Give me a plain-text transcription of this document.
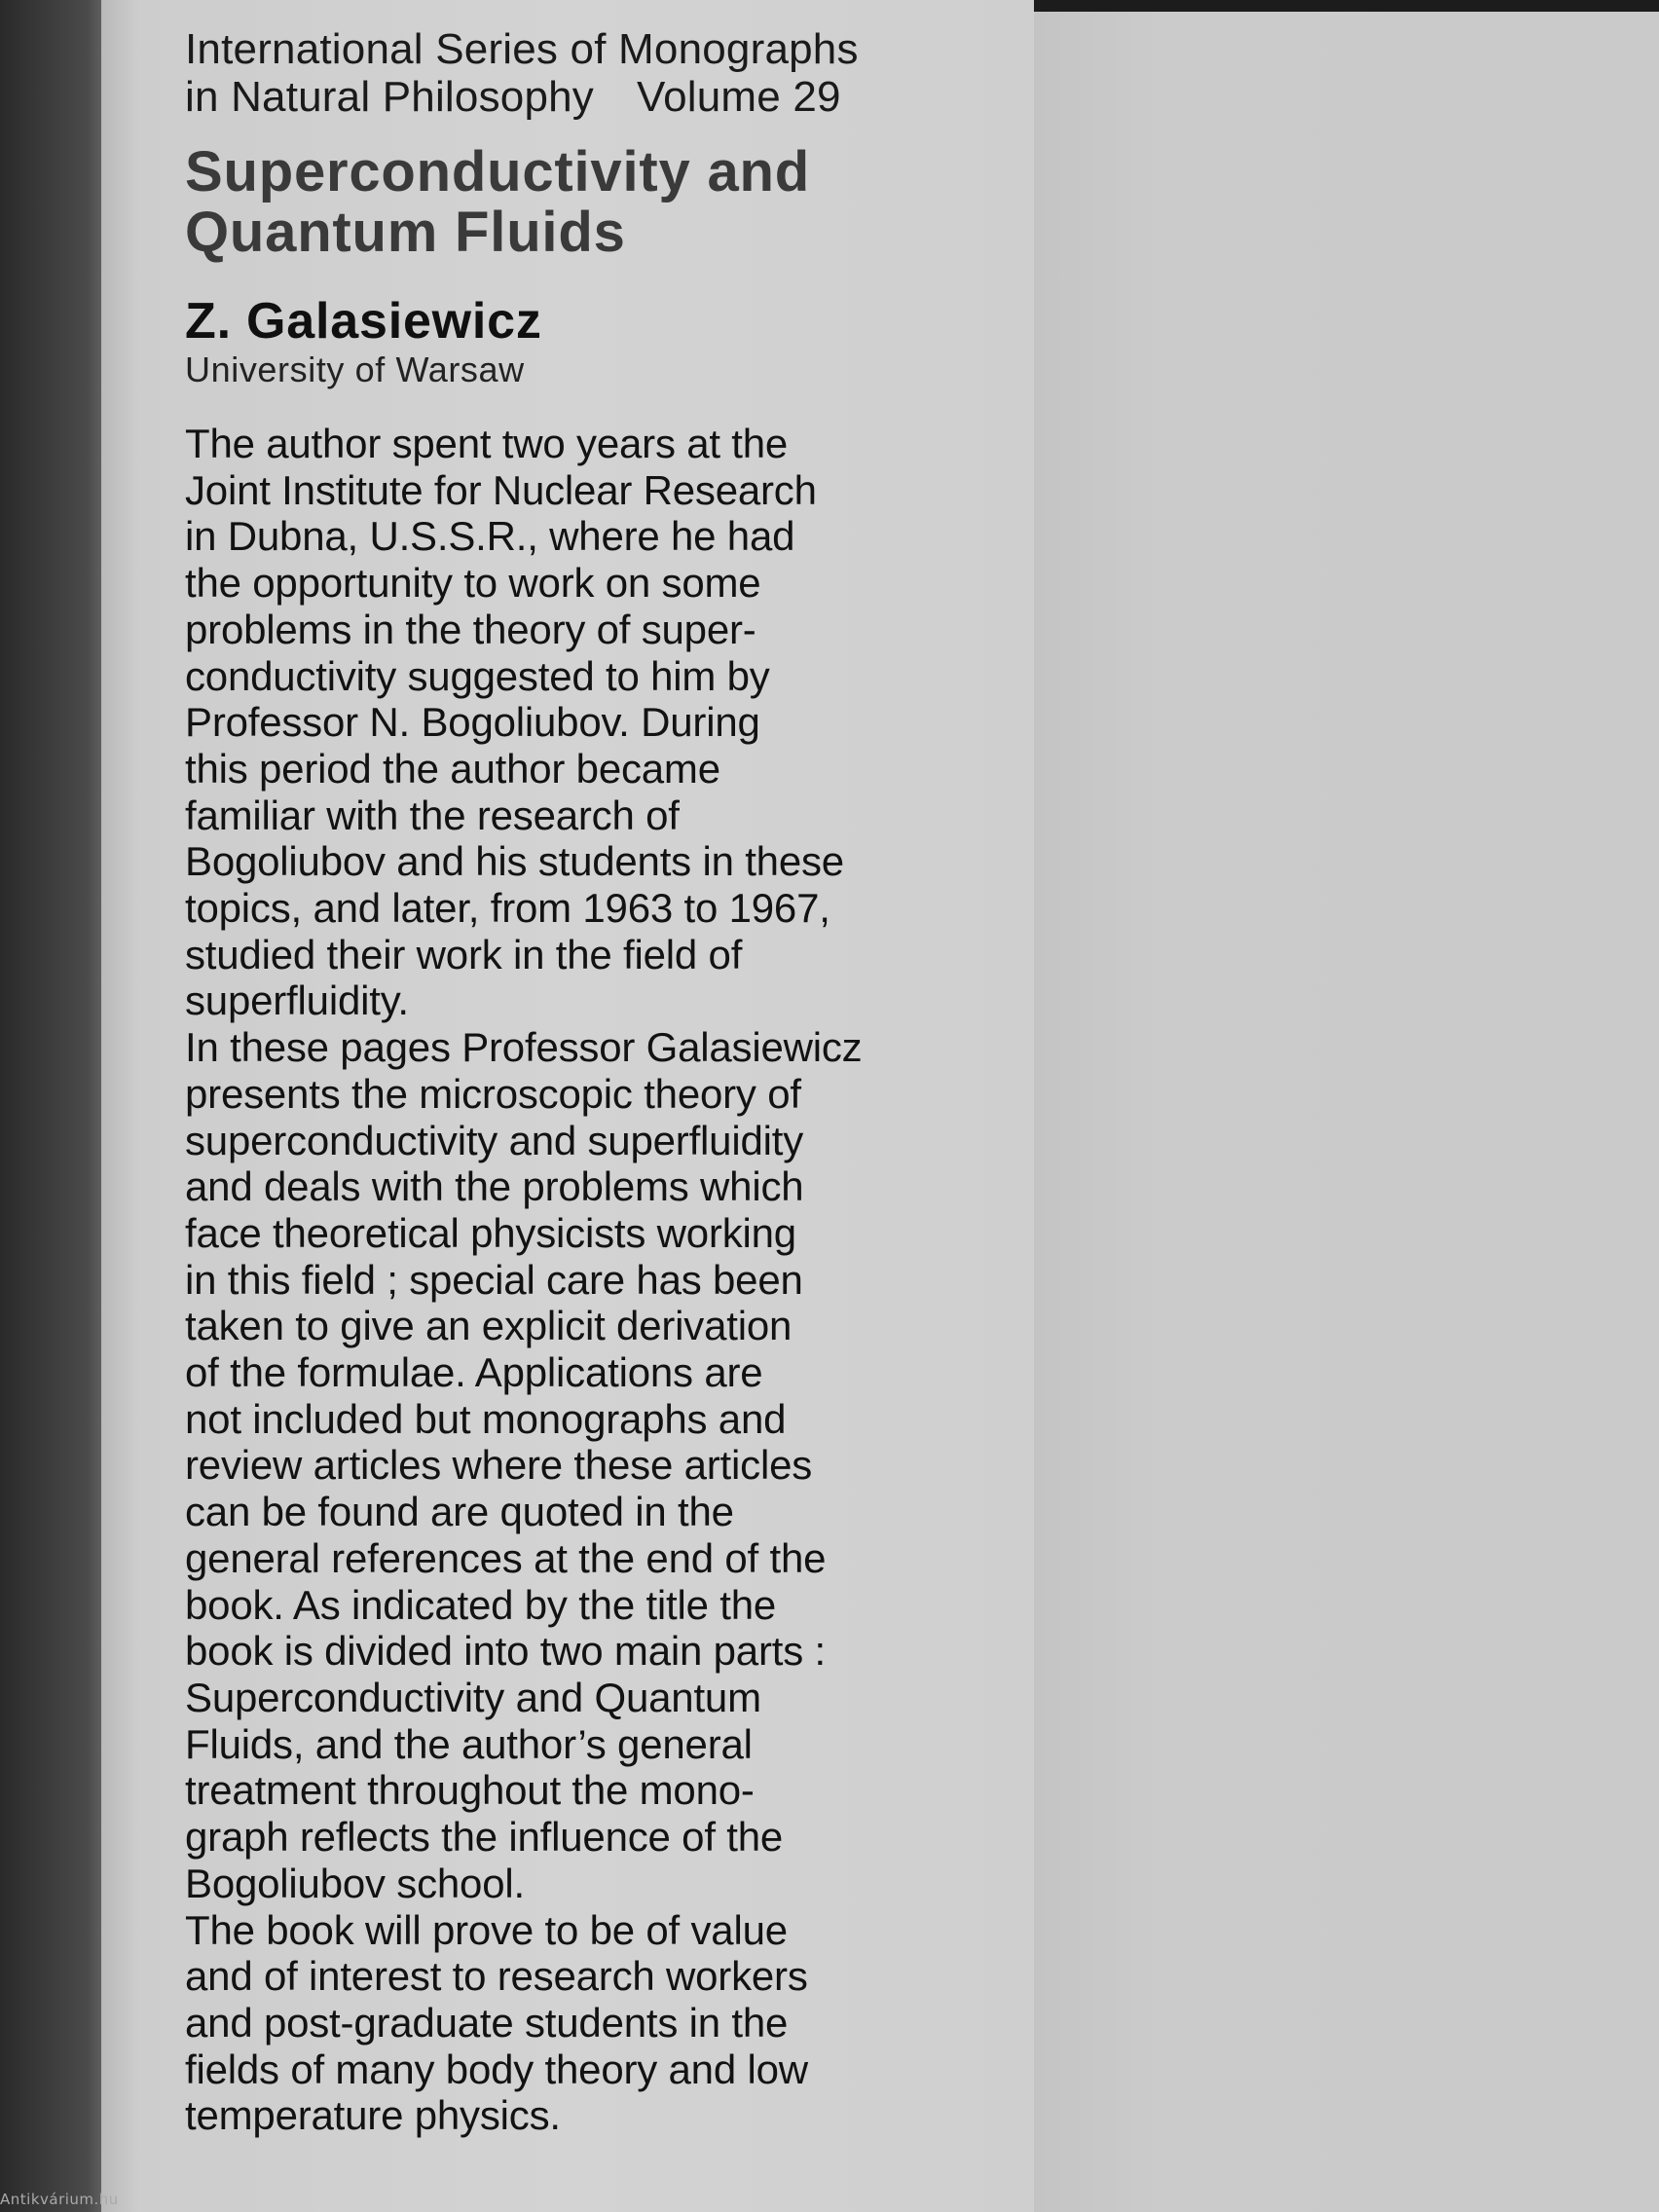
International Series of Monographs
in Natural Philosophy Volume 29

Superconductivity and
Quantum Fluids
Z. Galasiewicz

University of Warsaw

The author spent two years at the
Joint Institute for Nuclear Research
in Dubna, U.S.S.R., where he had
the opportunity to work on some
problems in the theory of super-
conductivity suggested to him by
Professor N. Bogoliubov. During
this period the author became
familiar with the research of
Bogoliubov and his students in these
topics, and later, from 1963 to 1967,
studied their work in the field of
superfluidity.
In these pages Professor Galasiewicz
presents the microscopic theory of
superconductivity and superfluidity
and deals with the problems which
face theoretical physicists working
in this field ; special care has been
taken to give an explicit derivation
of the formulae. Applications are
not included but monographs and
review articles where these articles
can be found are quoted in the
general references at the end of the
book. As indicated by the title the
book is divided into two main parts :
Superconductivity and Quantum
Fluids, and the author’s general
treatment throughout the mono-
graph reflects the influence of the
Bogoliubov school.
The book will prove to be of value
and of interest to research workers
and post-graduate students in the
fields of many body theory and low
temperature physics.
Antikvárium.hu
